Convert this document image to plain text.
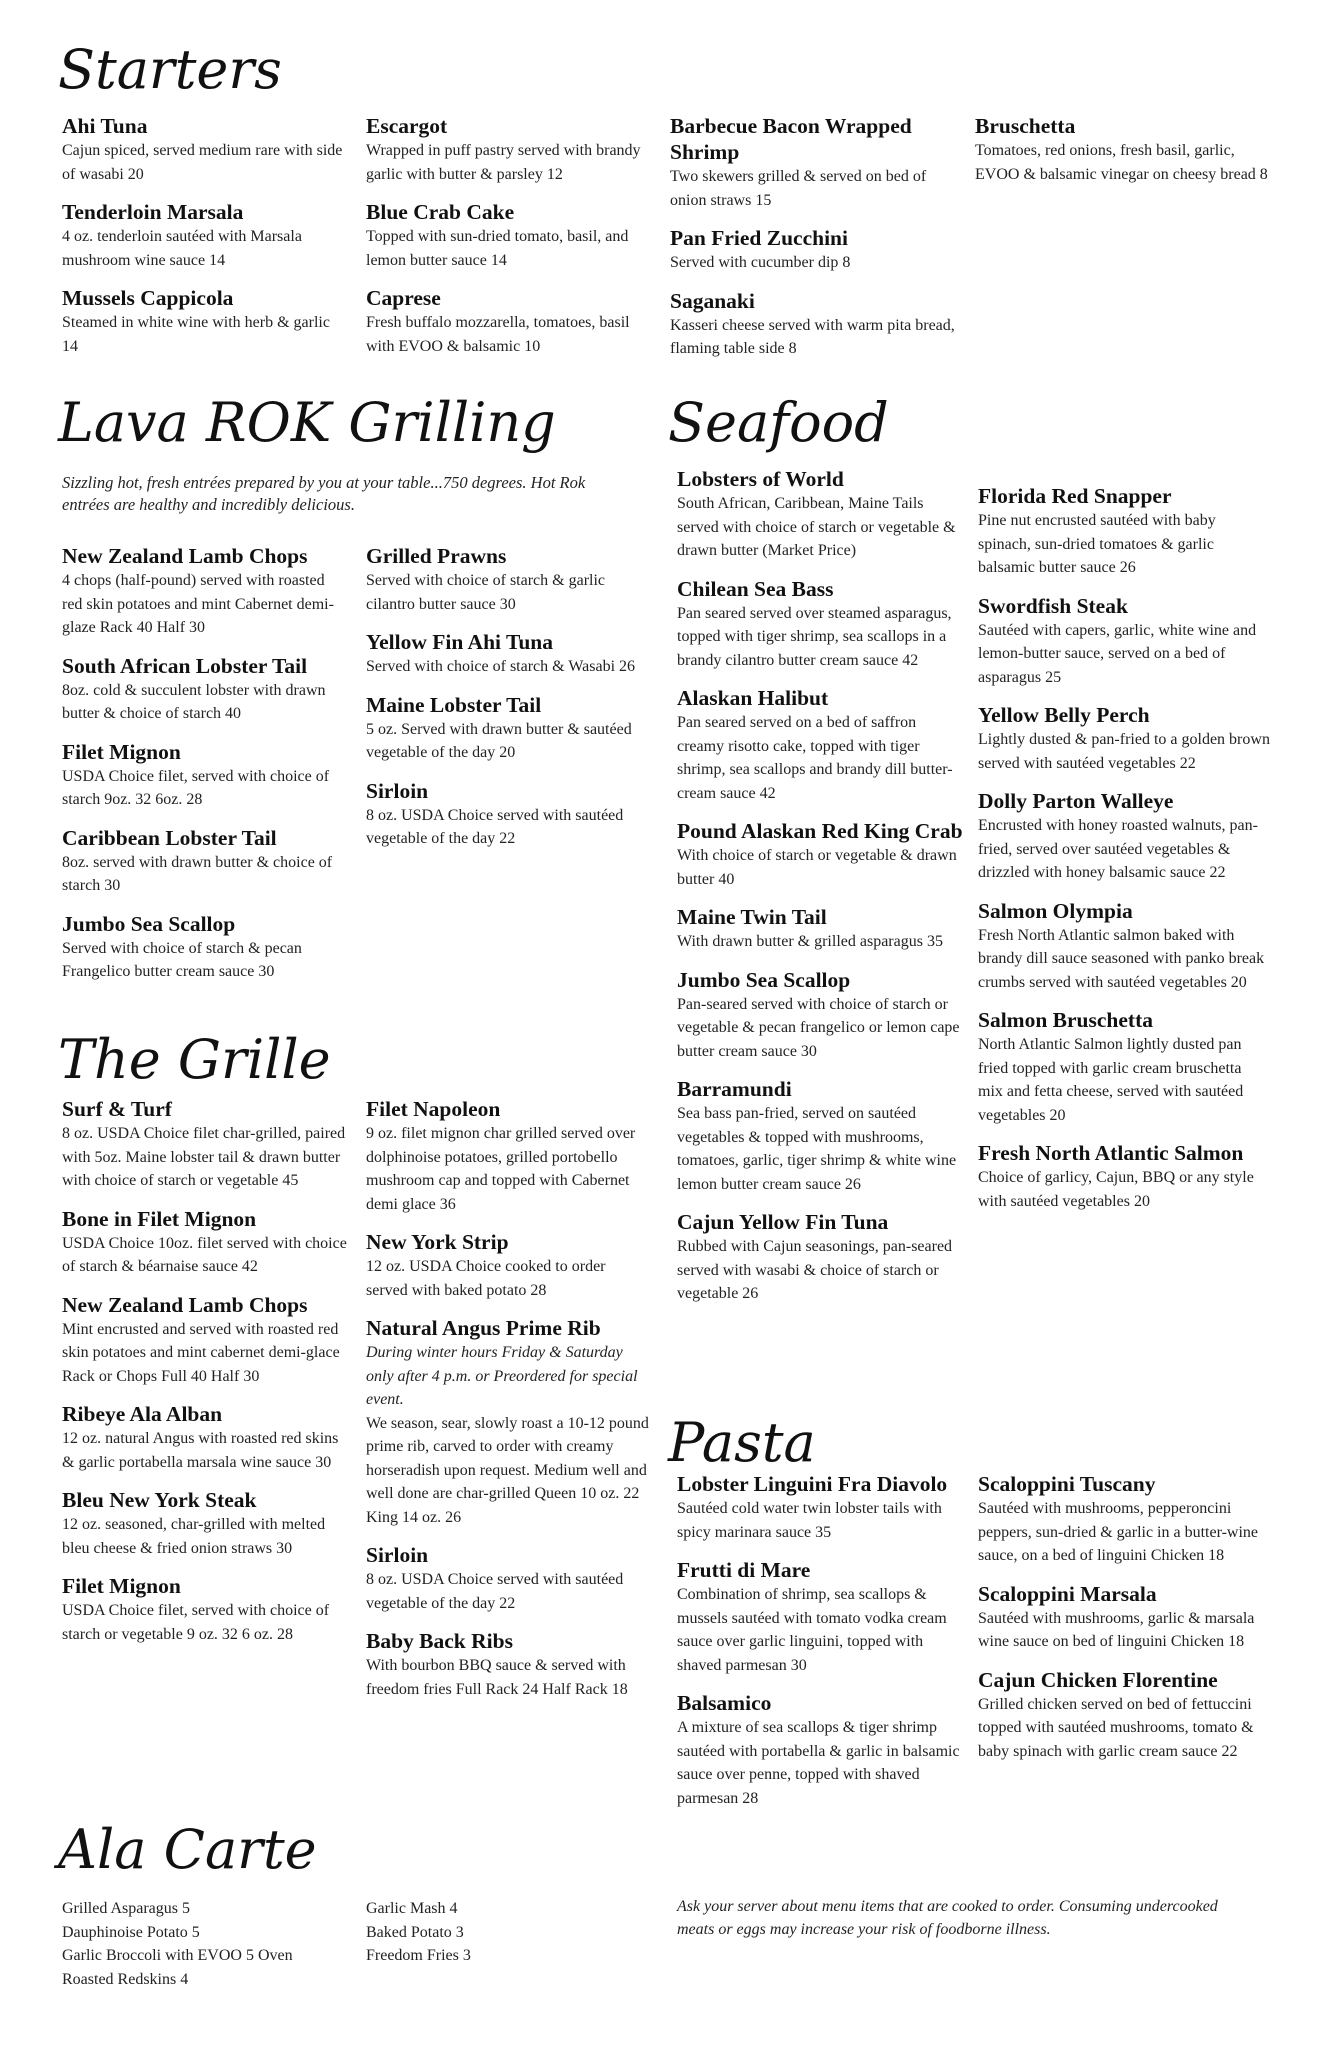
Starters
Lava ROK Grilling
Sizzling hot, fresh entrées prepared by you at your table...750 degrees. Hot Rok entrées are healthy and incredibly delicious.
The Grille
Ala Carte
Seafood
Pasta
Ahi Tuna
Cajun spiced, served medium rare with side of wasabi 20
Tenderloin Marsala
4 oz. tenderloin sautéed with Marsala mushroom wine sauce 14
Mussels Cappicola
Steamed in white wine with herb & garlic 14
Escargot
Wrapped in puff pastry served with brandy garlic with butter & parsley 12
Blue Crab Cake
Topped with sun-dried tomato, basil, and lemon butter sauce 14
Caprese
Fresh buffalo mozzarella, tomatoes, basil with EVOO & balsamic 10
Barbecue Bacon Wrapped Shrimp
Two skewers grilled & served on bed of onion straws 15
Pan Fried Zucchini
Served with cucumber dip 8
Saganaki
Kasseri cheese served with warm pita bread, flaming table side 8
Bruschetta
Tomatoes, red onions, fresh basil, garlic, EVOO & balsamic vinegar on cheesy bread 8
New Zealand Lamb Chops
4 chops (half-pound) served with roasted red skin potatoes and mint Cabernet demi-glaze Rack 40 Half 30
South African Lobster Tail
8oz. cold & succulent lobster with drawn butter & choice of starch 40
Filet Mignon
USDA Choice filet, served with choice of starch 9oz. 32 6oz. 28
Caribbean Lobster Tail
8oz. served with drawn butter & choice of starch 30
Jumbo Sea Scallop
Served with choice of starch & pecan Frangelico butter cream sauce 30
Grilled Prawns
Served with choice of starch & garlic cilantro butter sauce 30
Yellow Fin Ahi Tuna
Served with choice of starch & Wasabi 26
Maine Lobster Tail
5 oz. Served with drawn butter & sautéed vegetable of the day 20
Sirloin
8 oz. USDA Choice served with sautéed vegetable of the day 22
Surf & Turf
8 oz. USDA Choice filet char-grilled, paired with 5oz. Maine lobster tail & drawn butter with choice of starch or vegetable 45
Bone in Filet Mignon
USDA Choice 10oz. filet served with choice of starch & béarnaise sauce 42
New Zealand Lamb Chops
Mint encrusted and served with roasted red skin potatoes and mint cabernet demi-glace Rack or Chops Full 40 Half 30
Ribeye Ala Alban
12 oz. natural Angus with roasted red skins & garlic portabella marsala wine sauce 30
Bleu New York Steak
12 oz. seasoned, char-grilled with melted bleu cheese & fried onion straws 30
Filet Mignon
USDA Choice filet, served with choice of starch or vegetable 9 oz. 32 6 oz. 28
Filet Napoleon
9 oz. filet mignon char grilled served over dolphinoise potatoes, grilled portobello mushroom cap and topped with Cabernet demi glace 36
New York Strip
12 oz. USDA Choice cooked to order served with baked potato 28
Natural Angus Prime Rib
During winter hours Friday & Saturday only after 4 p.m. or Preordered for special event.
We season, sear, slowly roast a 10-12 pound prime rib, carved to order with creamy horseradish upon request. Medium well and well done are char-grilled Queen 10 oz. 22 King 14 oz. 26
Sirloin
8 oz. USDA Choice served with sautéed vegetable of the day 22
Baby Back Ribs
With bourbon BBQ sauce & served with freedom fries Full Rack 24 Half Rack 18
Grilled Asparagus 5
Dauphinoise Potato 5
Garlic Broccoli with EVOO 5 Oven Roasted Redskins 4
Garlic Mash 4
Baked Potato 3
Freedom Fries 3
Lobsters of World
South African, Caribbean, Maine Tails served with choice of starch or vegetable & drawn butter (Market Price)
Chilean Sea Bass
Pan seared served over steamed asparagus, topped with tiger shrimp, sea scallops in a brandy cilantro butter cream sauce 42
Alaskan Halibut
Pan seared served on a bed of saffron creamy risotto cake, topped with tiger shrimp, sea scallops and brandy dill butter-cream sauce 42
Pound Alaskan Red King Crab
With choice of starch or vegetable & drawn butter 40
Maine Twin Tail
With drawn butter & grilled asparagus 35
Jumbo Sea Scallop
Pan-seared served with choice of starch or vegetable & pecan frangelico or lemon cape butter cream sauce 30
Barramundi
Sea bass pan-fried, served on sautéed vegetables & topped with mushrooms, tomatoes, garlic, tiger shrimp & white wine lemon butter cream sauce 26
Cajun Yellow Fin Tuna
Rubbed with Cajun seasonings, pan-seared served with wasabi & choice of starch or vegetable 26
Florida Red Snapper
Pine nut encrusted sautéed with baby spinach, sun-dried tomatoes & garlic balsamic butter sauce 26
Swordfish Steak
Sautéed with capers, garlic, white wine and lemon-butter sauce, served on a bed of asparagus 25
Yellow Belly Perch
Lightly dusted & pan-fried to a golden brown served with sautéed vegetables 22
Dolly Parton Walleye
Encrusted with honey roasted walnuts, pan-fried, served over sautéed vegetables & drizzled with honey balsamic sauce 22
Salmon Olympia
Fresh North Atlantic salmon baked with brandy dill sauce seasoned with panko break crumbs served with sautéed vegetables 20
Salmon Bruschetta
North Atlantic Salmon lightly dusted pan fried topped with garlic cream bruschetta mix and fetta cheese, served with sautéed vegetables 20
Fresh North Atlantic Salmon
Choice of garlicy, Cajun, BBQ or any style with sautéed vegetables 20
Lobster Linguini Fra Diavolo
Sautéed cold water twin lobster tails with spicy marinara sauce 35
Frutti di Mare
Combination of shrimp, sea scallops & mussels sautéed with tomato vodka cream sauce over garlic linguini, topped with shaved parmesan 30
Balsamico
A mixture of sea scallops & tiger shrimp sautéed with portabella & garlic in balsamic sauce over penne, topped with shaved parmesan 28
Scaloppini Tuscany
Sautéed with mushrooms, pepperoncini peppers, sun-dried & garlic in a butter-wine sauce, on a bed of linguini Chicken 18
Scaloppini Marsala
Sautéed with mushrooms, garlic & marsala wine sauce on bed of linguini Chicken 18
Cajun Chicken Florentine
Grilled chicken served on bed of fettuccini topped with sautéed mushrooms, tomato & baby spinach with garlic cream sauce 22
Ask your server about menu items that are cooked to order. Consuming undercooked meats or eggs may increase your risk of foodborne illness.
